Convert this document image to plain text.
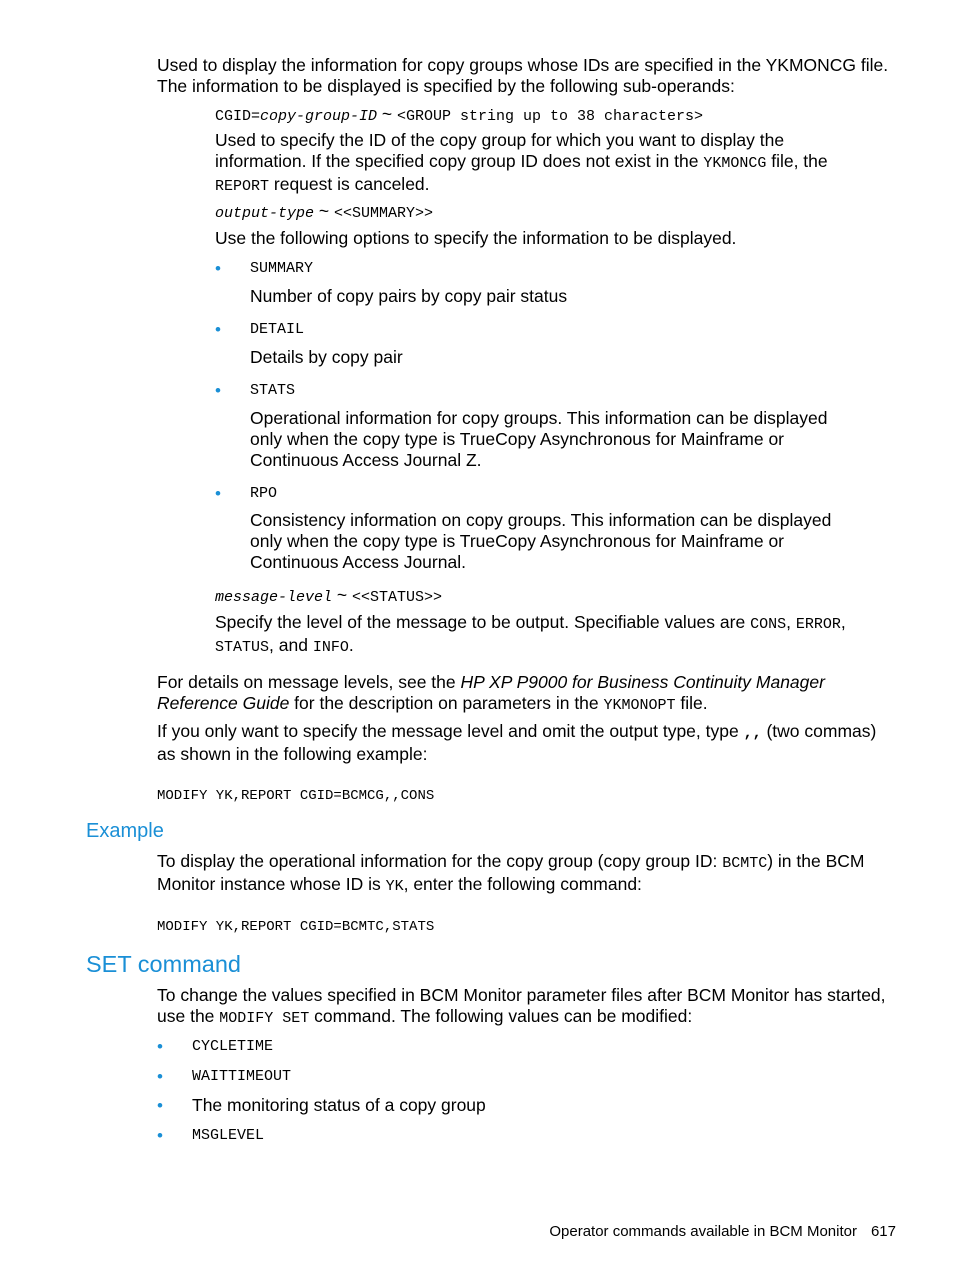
Used to display the information for copy groups whose IDs are specified in the YKMONCG file. The information to be displayed is specified by the following sub-operands:

CGID=copy-group-ID ~ <GROUP string up to 38 characters>

Used to specify the ID of the copy group for which you want to display the information. If the specified copy group ID does not exist in the YKMONCG file, the REPORT request is canceled.

output-type ~ <<SUMMARY>>

Use the following options to specify the information to be displayed.

• SUMMARY

Number of copy pairs by copy pair status

• DETAIL

Details by copy pair

• STATS

Operational information for copy groups. This information can be displayed only when the copy type is TrueCopy Asynchronous for Mainframe or Continuous Access Journal Z.

• RPO

Consistency information on copy groups. This information can be displayed only when the copy type is TrueCopy Asynchronous for Mainframe or Continuous Access Journal.

message-level ~ <<STATUS>>

Specify the level of the message to be output. Specifiable values are CONS, ERROR, STATUS, and INFO.

For details on message levels, see the HP XP P9000 for Business Continuity Manager Reference Guide for the description on parameters in the YKMONOPT file.

If you only want to specify the message level and omit the output type, type ,, (two commas) as shown in the following example:

MODIFY YK,REPORT CGID=BCMCG,,CONS
Example

To display the operational information for the copy group (copy group ID: BCMTC) in the BCM Monitor instance whose ID is YK, enter the following command:

MODIFY YK,REPORT CGID=BCMTC,STATS
SET command

To change the values specified in BCM Monitor parameter files after BCM Monitor has started, use the MODIFY SET command. The following values can be modified:

• CYCLETIME
• WAITTIMEOUT
• The monitoring status of a copy group
• MSGLEVEL
Operator commands available in BCM Monitor 617
